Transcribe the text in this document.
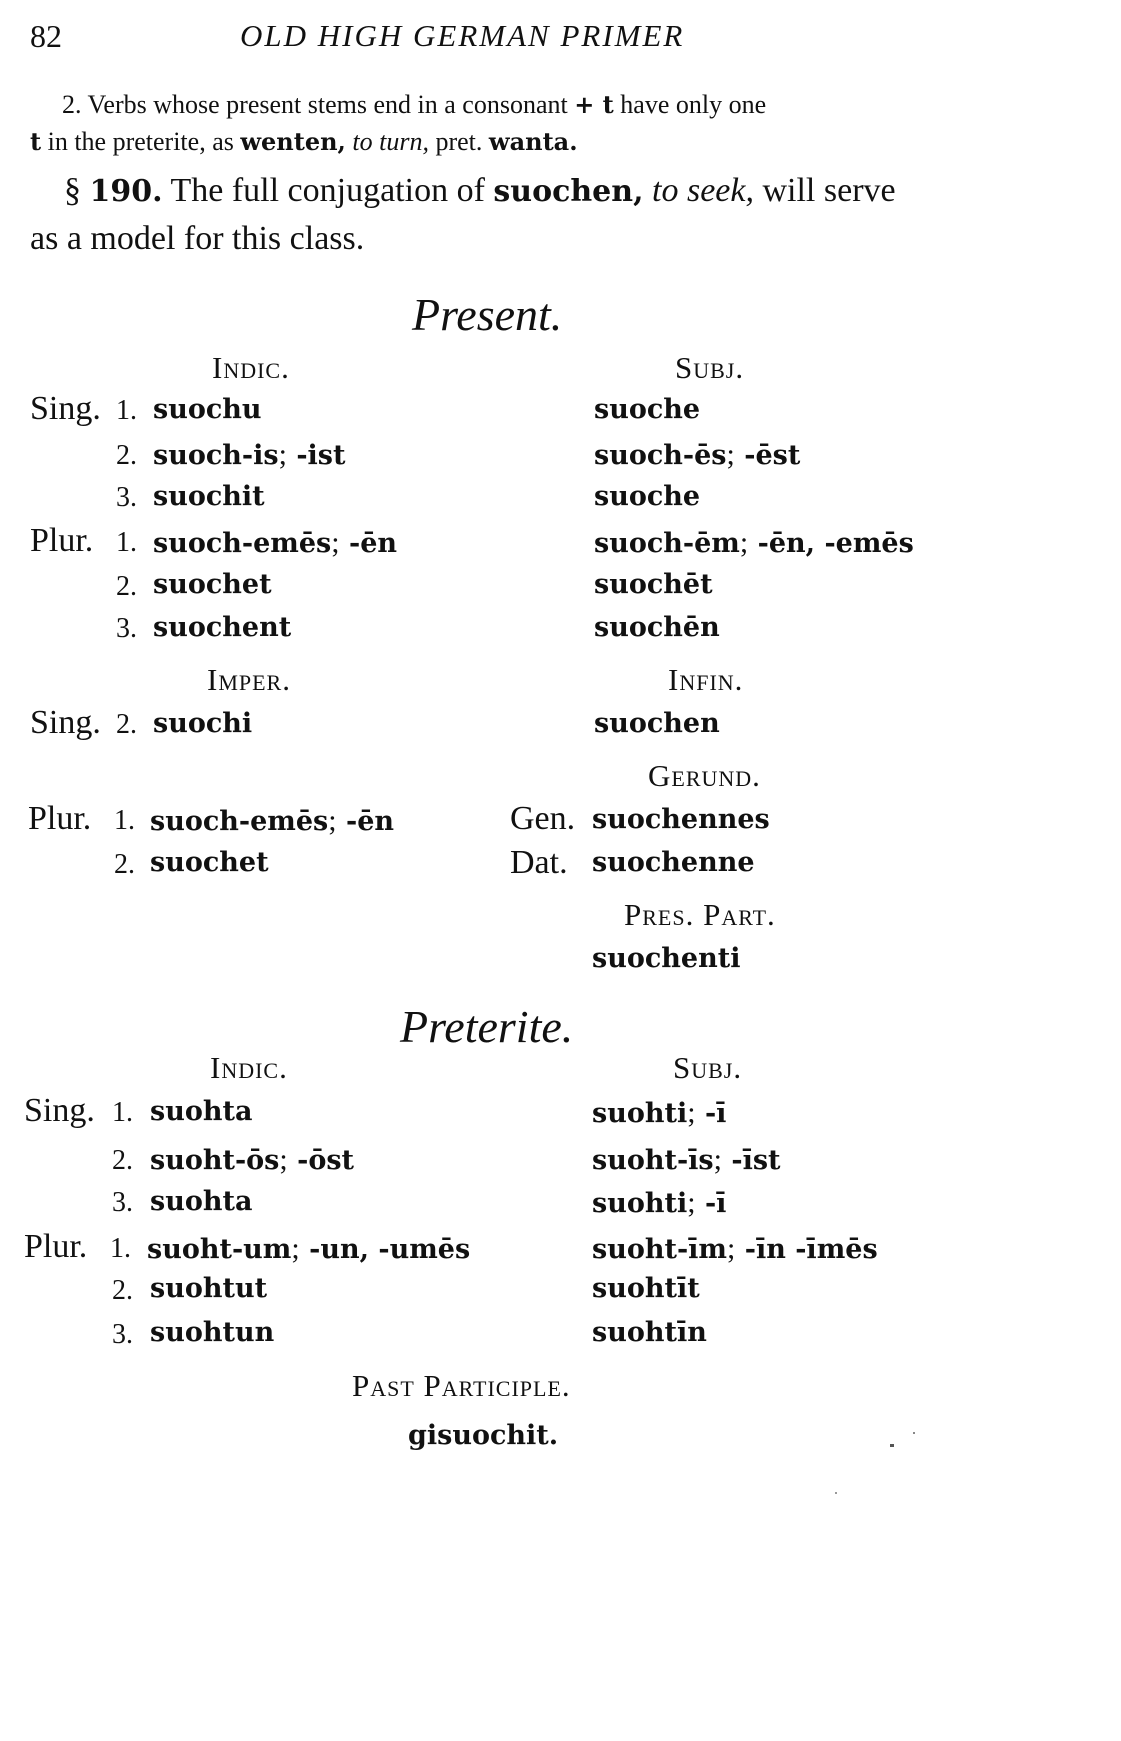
82	OLD HIGH GERMAN PRIMER
2. Verbs whose present stems end in a consonant + t have only one
t in the preterite, as wenten, to turn, pret. wanta.
§ 190. The full conjugation of suochen, to seek, will serve
as a model for this class.
Present.
Indic.	Subj.
Sing. 1. suochu	suoche
2. suoch-is; -ist	suoch-ēs; -ēst
3. suochit	suoche
Plur. 1. suoch-emēs; -ēn	suoch-ēm; -ēn, -emēs
2. suochet	suochēt
3. suochent	suochēn
Imper.	Infin.
Sing. 2. suochi	suochen
Gerund.
Plur. 1. suoch-emēs; -ēn	Gen. suochennes
2. suochet	Dat. suochenne
Pres. Part.
suochenti
Preterite.
Indic.	Subj.
Sing. 1. suohta	suohti; -ī
2. suoht-ōs; -ōst	suoht-īs; -īst
3. suohta	suohti; -ī
Plur. 1. suoht-um; -un, -umēs	suoht-īm; -īn -īmēs
2. suohtut	suohtīt
3. suohtun	suohtīn
Past Participle.
gisuochit.
